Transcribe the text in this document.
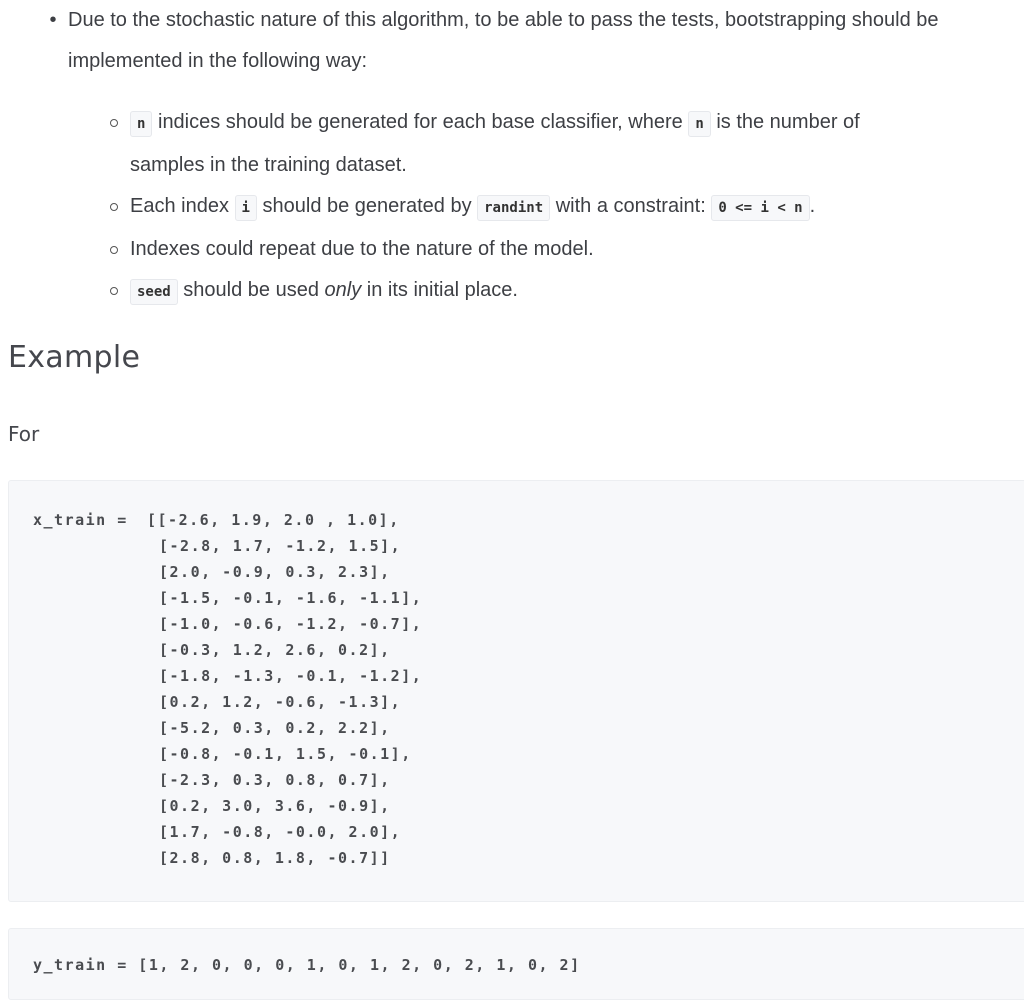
• Due to the stochastic nature of this algorithm, to be able to pass the tests, bootstrapping should be
implemented in the following way:
n indices should be generated for each base classifier, where n is the number of
samples in the training dataset.
Each index i should be generated by randint with a constraint: 0 <= i < n .
Indexes could repeat due to the nature of the model.
seed should be used only in its initial place.
Example
For
x_train = [[-2.6, 1.9, 2.0 , 1.0],
[-2.8, 1.7, -1.2, 1.5],
[2.0, -0.9, 0.3, 2.3],
[-1.5, -0.1, -1.6, -1.1],
[-1.0, -0.6, -1.2, -0.7],
[-0.3, 1.2, 2.6, 0.2],
[-1.8, -1.3, -0.1, -1.2],
[0.2, 1.2, -0.6, -1.3],
[-5.2, 0.3, 0.2, 2.2],
[-0.8, -0.1, 1.5, -0.1],
[-2.3, 0.3, 0.8, 0.7],
[0.2, 3.0, 3.6, -0.9],
[1.7, -0.8, -0.0, 2.0],
[2.8, 0.8, 1.8, -0.7]]
y_train = [1, 2, 0, 0, 0, 1, 0, 1, 2, 0, 2, 1, 0, 2]
